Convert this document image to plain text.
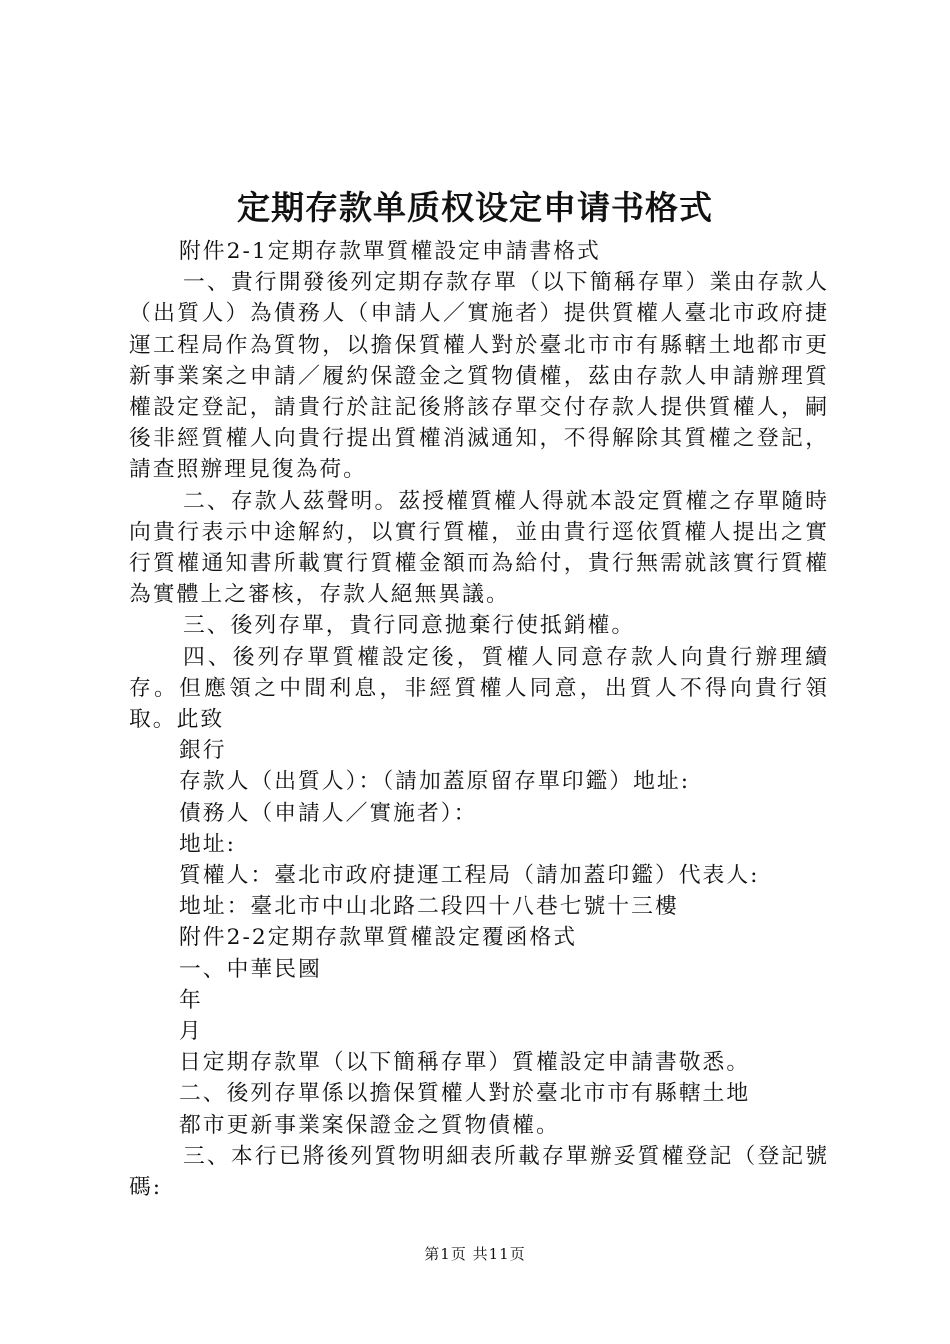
定期存款单质权设定申请书格式

附件2-1定期存款單質權設定申請書格式

一、貴行開發後列定期存款存單（以下簡稱存單）業由存款人（出質人）為債務人（申請人／實施者）提供質權人臺北市政府捷運工程局作為質物，以擔保質權人對於臺北市市有縣轄土地都市更新事業案之申請／履約保證金之質物債權，茲由存款人申請辦理質權設定登記，請貴行於註記後將該存單交付存款人提供質權人，嗣後非經質權人向貴行提出質權消滅通知，不得解除其質權之登記，請查照辦理見復為荷。

二、存款人茲聲明。茲授權質權人得就本設定質權之存單隨時向貴行表示中途解約，以實行質權，並由貴行逕依質權人提出之實行質權通知書所載實行質權金額而為給付，貴行無需就該實行質權為實體上之審核，存款人絕無異議。

三、後列存單，貴行同意拋棄行使抵銷權。

四、後列存單質權設定後，質權人同意存款人向貴行辦理續存。但應領之中間利息，非經質權人同意，出質人不得向貴行領取。此致

銀行

存款人（出質人）：（請加蓋原留存單印鑑）地址:

債務人（申請人／實施者）：

地址:

質權人：臺北市政府捷運工程局（請加蓋印鑑）代表人:

地址：臺北市中山北路二段四十八巷七號十三樓

附件2-2定期存款單質權設定覆函格式

一、中華民國

年

月

日定期存款單（以下簡稱存單）質權設定申請書敬悉。

二、後列存單係以擔保質權人對於臺北市市有縣轄土地

都市更新事業案保證金之質物債權。

三、本行已將後列質物明細表所載存單辦妥質權登記（登記號碼:

第1页 共11页
